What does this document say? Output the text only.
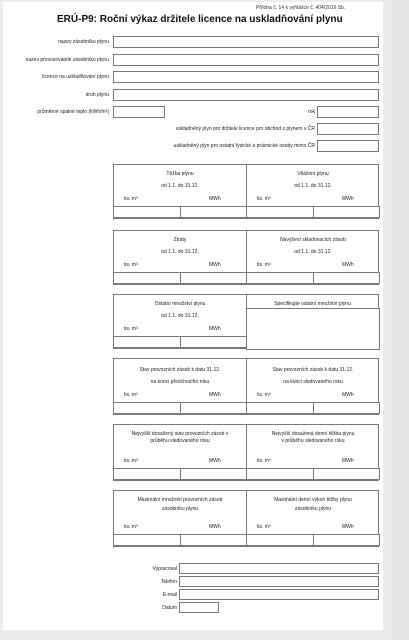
Příloha č. 14 k vyhlášce č. 404/2016 Sb.
ERÚ-P9: Roční výkaz držitele licence na uskladňování plynu
nazev zásobníku plynu
nazev provozovatele zásobníku plynu
licence na uskladňování plynu
druh plynu
průměrné spalné teplo (kWh/m³)	rok
uskladněný plyn pro držitele licence pro obchod s plynem v ČR
uskladněný plyn pro ostatní fyzické a právnické osoby mimo ČR
Těžba plynu
od 1.1. do 31.12.
Vtláčení plynu
od 1.1. do 31.12.
tis. m³	MWh	tis. m³	MWh
Ztráty
od 1.1. do 31.12.
Navýšení skladovacích zásob
od 1.1. do 31.12.
tis. m³	MWh	tis. m³	MWh
Ostatní množství plynu
od 1.1. do 31.12.
tis. m³	MWh
Specifikujte ostatní množství plynu
Stav provozních zásob k datu 31.12.
na konci předchozího roku
Stav provozních zásob k datu 31.12.
na konci sledovaného roku
tis. m³	MWh	tis. m³	MWh
Nejvyšší dosažený stav provozních zásob v
průběhu sledovaného roku
Nejvyšší dosažená denní těžba plynu
v průběhu sledovaného roku
tis. m³	MWh	tis. m³	MWh
Maximální množství provozních zásob
zásobníku plynu
Maximální denní výkon těžby plynu
zásobníku plynu
tis. m³	MWh	tis. m³	MWh
Vypracoval
Telefon
E-mail
Datum
